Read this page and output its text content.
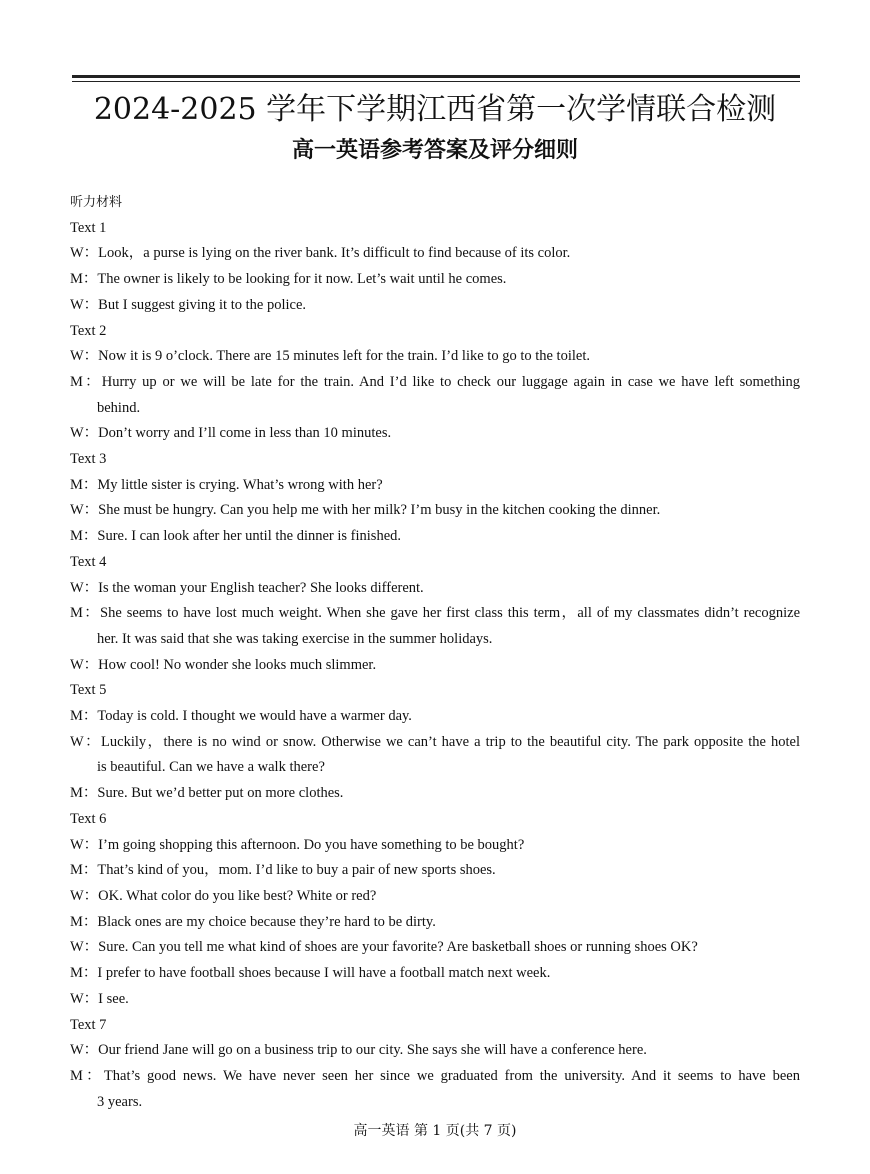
2024-2025 学年下学期江西省第一次学情联合检测
高一英语参考答案及评分细则
听力材料
Text 1
W：Look，a purse is lying on the river bank. It’s difficult to find because of its color.
M：The owner is likely to be looking for it now. Let’s wait until he comes.
W：But I suggest giving it to the police.
Text 2
W：Now it is 9 o’clock. There are 15 minutes left for the train. I’d like to go to the toilet.
M：Hurry up or we will be late for the train. And I’d like to check our luggage again in case we have left something
behind.
W：Don’t worry and I’ll come in less than 10 minutes.
Text 3
M：My little sister is crying. What’s wrong with her?
W：She must be hungry. Can you help me with her milk? I’m busy in the kitchen cooking the dinner.
M：Sure. I can look after her until the dinner is finished.
Text 4
W：Is the woman your English teacher? She looks different.
M：She seems to have lost much weight. When she gave her first class this term，all of my classmates didn’t recognize
her. It was said that she was taking exercise in the summer holidays.
W：How cool! No wonder she looks much slimmer.
Text 5
M：Today is cold. I thought we would have a warmer day.
W：Luckily，there is no wind or snow. Otherwise we can’t have a trip to the beautiful city. The park opposite the hotel
is beautiful. Can we have a walk there?
M：Sure. But we’d better put on more clothes.
Text 6
W：I’m going shopping this afternoon. Do you have something to be bought?
M：That’s kind of you，mom. I’d like to buy a pair of new sports shoes.
W：OK. What color do you like best? White or red?
M：Black ones are my choice because they’re hard to be dirty.
W：Sure. Can you tell me what kind of shoes are your favorite? Are basketball shoes or running shoes OK?
M：I prefer to have football shoes because I will have a football match next week.
W：I see.
Text 7
W：Our friend Jane will go on a business trip to our city. She says she will have a conference here.
M：That’s good news. We have never seen her since we graduated from the university. And it seems to have been
3 years.
高一英语 第 1 页(共 7 页)
